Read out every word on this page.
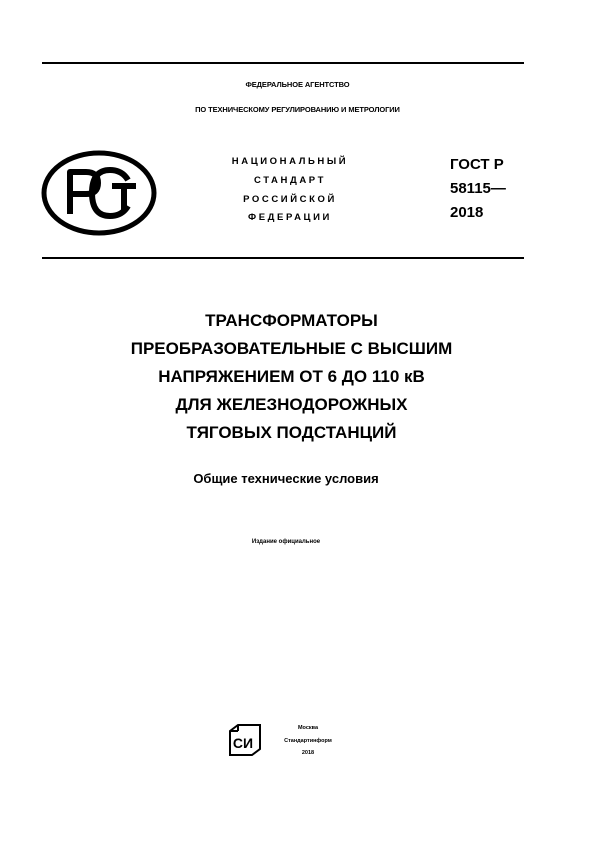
ФЕДЕРАЛЬНОЕ АГЕНТСТВО
ПО ТЕХНИЧЕСКОМУ РЕГУЛИРОВАНИЮ И МЕТРОЛОГИИ
НАЦИОНАЛЬНЫЙ
СТАНДАРТ
РОССИЙСКОЙ
ФЕДЕРАЦИИ
ГОСТ Р
58115—
2018
ТРАНСФОРМАТОРЫ
ПРЕОБРАЗОВАТЕЛЬНЫЕ С ВЫСШИМ
НАПРЯЖЕНИЕМ ОТ 6 ДО 110 кВ
ДЛЯ ЖЕЛЕЗНОДОРОЖНЫХ
ТЯГОВЫХ ПОДСТАНЦИЙ
Общие технические условия
Издание официальное
СИ
Москва
Стандартинформ
2018
